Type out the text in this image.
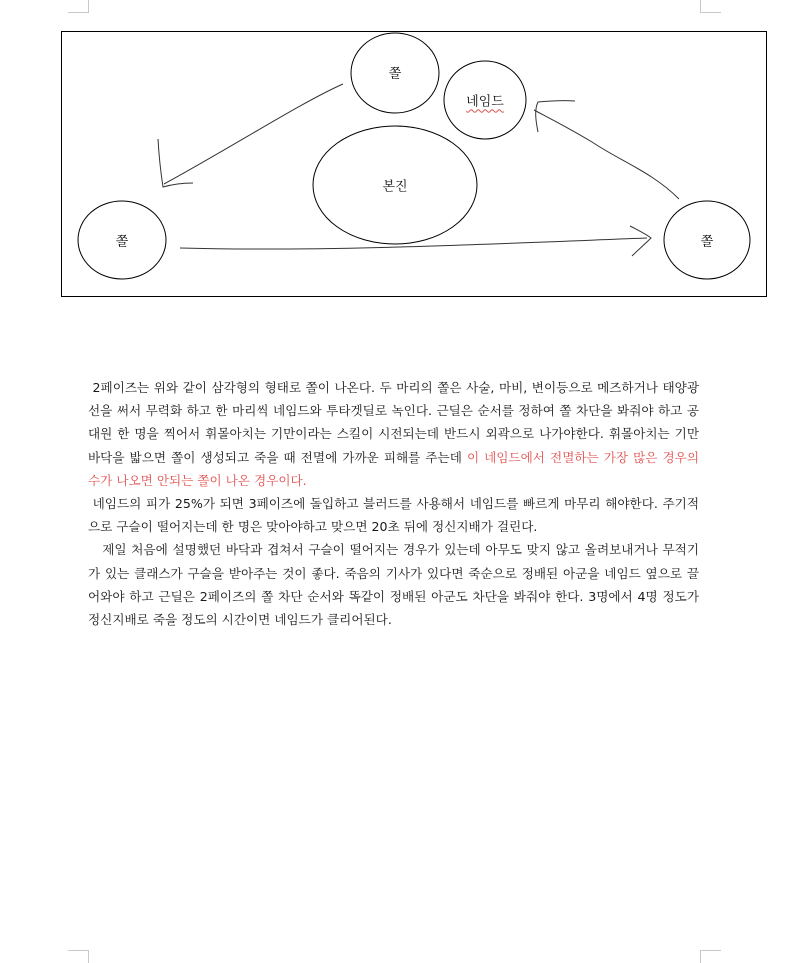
쫄
네임드
본진
쫄	쫄

2페이즈는 위와 같이 삼각형의 형태로 쫄이 나온다. 두 마리의 쫄은 사술, 마비, 변이등으로 메즈하거나 태양광선을 써서 무력화 하고 한 마리씩 네임드와 투타겟딜로 녹인다. 근딜은 순서를 정하여 쫄 차단을 봐줘야 하고 공대원 한 명을 찍어서 휘몰아치는 기만이라는 스킬이 시전되는데 반드시 외곽으로 나가야한다. 휘몰아치는 기만 바닥을 밟으면 쫄이 생성되고 죽을 때 전멸에 가까운 피해를 주는데 이 네임드에서 전멸하는 가장 많은 경우의 수가 나오면 안되는 쫄이 나온 경우이다.

네임드의 피가 25%가 되면 3페이즈에 돌입하고 블러드를 사용해서 네임드를 빠르게 마무리 해야한다. 주기적으로 구슬이 떨어지는데 한 명은 맞아야하고 맞으면 20초 뒤에 정신지배가 걸린다.

제일 처음에 설명했던 바닥과 겹쳐서 구슬이 떨어지는 경우가 있는데 아무도 맞지 않고 올려보내거나 무적기가 있는 클래스가 구슬을 받아주는 것이 좋다. 죽음의 기사가 있다면 죽순으로 정배된 아군을 네임드 옆으로 끌어와야 하고 근딜은 2페이즈의 쫄 차단 순서와 똑같이 정배된 아군도 차단을 봐줘야 한다. 3명에서 4명 정도가 정신지배로 죽을 정도의 시간이면 네임드가 클리어된다.
